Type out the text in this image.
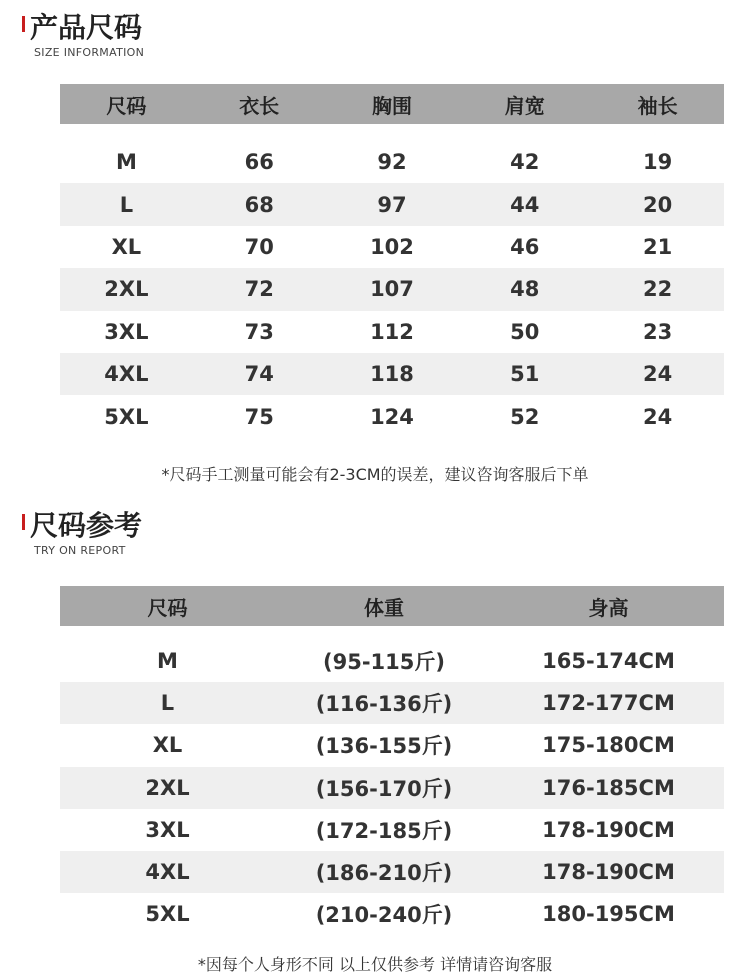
产品尺码
SIZE INFORMATION
尺码	衣长	胸围	肩宽	袖长

M	66	92	42	19
L	68	97	44	20
XL	70	102	46	21
2XL	72	107	48	22
3XL	73	112	50	23
4XL	74	118	51	24
5XL	75	124	52	24
*尺码手工测量可能会有2-3CM的误差，建议咨询客服后下单
尺码参考
TRY ON REPORT
尺码	体重	身高

M	(95-115斤)	165-174CM
L	(116-136斤)	172-177CM
XL	(136-155斤)	175-180CM
2XL	(156-170斤)	176-185CM
3XL	(172-185斤)	178-190CM
4XL	(186-210斤)	178-190CM
5XL	(210-240斤)	180-195CM
*因每个人身形不同 以上仅供参考 详情请咨询客服
